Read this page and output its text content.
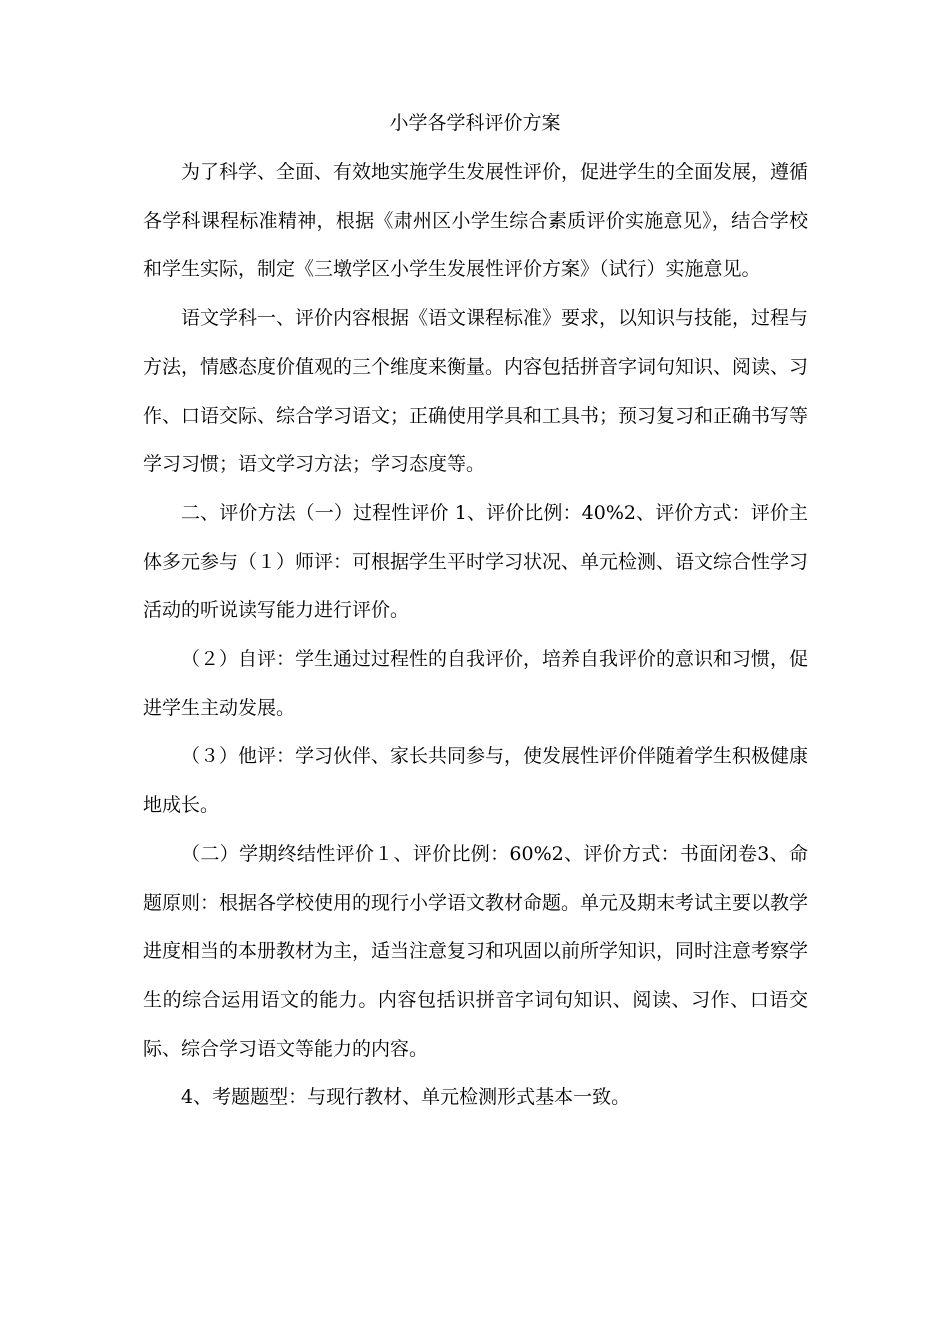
小学各学科评价方案

为了科学、全面、有效地实施学生发展性评价，促进学生的全面发展，遵循各学科课程标准精神，根据《肃州区小学生综合素质评价实施意见》，结合学校和学生实际，制定《三墩学区小学生发展性评价方案》（试行）实施意见。

语文学科一、评价内容根据《语文课程标准》要求，以知识与技能，过程与方法，情感态度价值观的三个维度来衡量。内容包括拼音字词句知识、阅读、习作、口语交际、综合学习语文；正确使用学具和工具书；预习复习和正确书写等学习习惯；语文学习方法；学习态度等。

二、评价方法（一）过程性评价 1、评价比例：40%2、评价方式：评价主体多元参与（１）师评：可根据学生平时学习状况、单元检测、语文综合性学习活动的听说读写能力进行评价。

（２）自评：学生通过过程性的自我评价，培养自我评价的意识和习惯，促进学生主动发展。

（３）他评：学习伙伴、家长共同参与，使发展性评价伴随着学生积极健康地成长。

（二）学期终结性评价１、评价比例：60%2、评价方式：书面闭卷3、命题原则：根据各学校使用的现行小学语文教材命题。单元及期末考试主要以教学进度相当的本册教材为主，适当注意复习和巩固以前所学知识，同时注意考察学生的综合运用语文的能力。内容包括识拼音字词句知识、阅读、习作、口语交际、综合学习语文等能力的内容。

4、考题题型：与现行教材、单元检测形式基本一致。
